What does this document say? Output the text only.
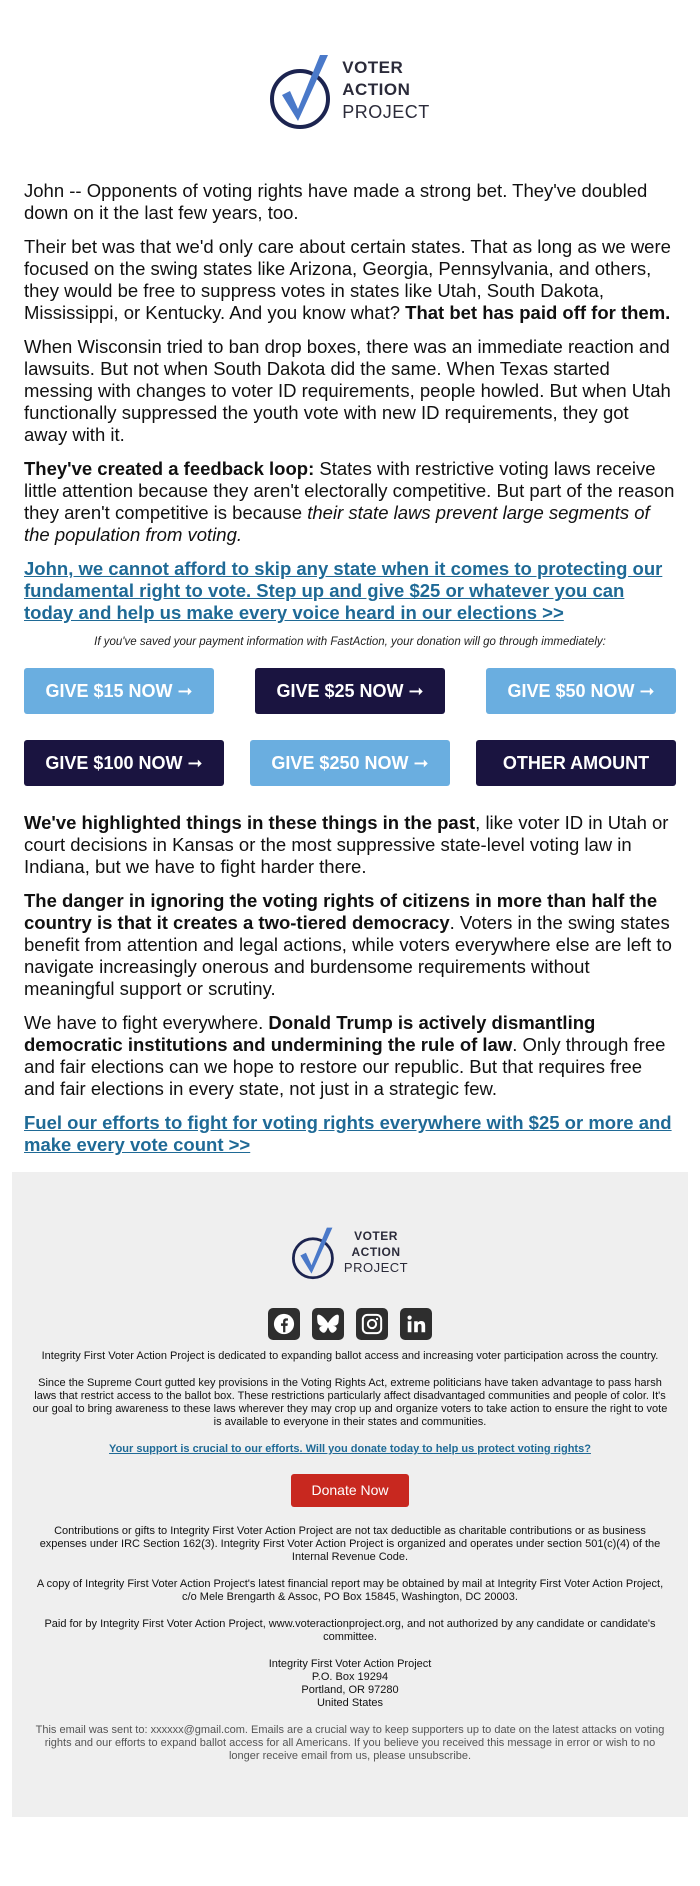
VOTER
ACTION
PROJECT

John -- Opponents of voting rights have made a strong bet. They've doubled down on it the last few years, too.

Their bet was that we'd only care about certain states. That as long as we were focused on the swing states like Arizona, Georgia, Pennsylvania, and others, they would be free to suppress votes in states like Utah, South Dakota, Mississippi, or Kentucky. And you know what? That bet has paid off for them.

When Wisconsin tried to ban drop boxes, there was an immediate reaction and lawsuits. But not when South Dakota did the same. When Texas started messing with changes to voter ID requirements, people howled. But when Utah functionally suppressed the youth vote with new ID requirements, they got away with it.

They've created a feedback loop: States with restrictive voting laws receive little attention because they aren't electorally competitive. But part of the reason they aren't competitive is because their state laws prevent large segments of the population from voting.

John, we cannot afford to skip any state when it comes to protecting our fundamental right to vote. Step up and give $25 or whatever you can today and help us make every voice heard in our elections >>

If you've saved your payment information with FastAction, your donation will go through immediately:
GIVE $15 NOW ➞	GIVE $25 NOW ➞	GIVE $50 NOW ➞
GIVE $100 NOW ➞	GIVE $250 NOW ➞	OTHER AMOUNT

We've highlighted things in these things in the past, like voter ID in Utah or court decisions in Kansas or the most suppressive state-level voting law in Indiana, but we have to fight harder there.

The danger in ignoring the voting rights of citizens in more than half the country is that it creates a two-tiered democracy. Voters in the swing states benefit from attention and legal actions, while voters everywhere else are left to navigate increasingly onerous and burdensome requirements without meaningful support or scrutiny.

We have to fight everywhere. Donald Trump is actively dismantling democratic institutions and undermining the rule of law. Only through free and fair elections can we hope to restore our republic. But that requires free and fair elections in every state, not just in a strategic few.

Fuel our efforts to fight for voting rights everywhere with $25 or more and make every vote count >>

VOTER
ACTION
PROJECT

Integrity First Voter Action Project is dedicated to expanding ballot access and increasing voter participation across the country.

Since the Supreme Court gutted key provisions in the Voting Rights Act, extreme politicians have taken advantage to pass harsh laws that restrict access to the ballot box. These restrictions particularly affect disadvantaged communities and people of color. It's our goal to bring awareness to these laws wherever they may crop up and organize voters to take action to ensure the right to vote is available to everyone in their states and communities.

Your support is crucial to our efforts. Will you donate today to help us protect voting rights?

Donate Now

Contributions or gifts to Integrity First Voter Action Project are not tax deductible as charitable contributions or as business expenses under IRC Section 162(3). Integrity First Voter Action Project is organized and operates under section 501(c)(4) of the Internal Revenue Code.

A copy of Integrity First Voter Action Project's latest financial report may be obtained by mail at Integrity First Voter Action Project, c/o Mele Brengarth & Assoc, PO Box 15845, Washington, DC 20003.

Paid for by Integrity First Voter Action Project, www.voteractionproject.org, and not authorized by any candidate or candidate's committee.

Integrity First Voter Action Project
P.O. Box 19294
Portland, OR 97280
United States

This email was sent to: xxxxxx@gmail.com. Emails are a crucial way to keep supporters up to date on the latest attacks on voting rights and our efforts to expand ballot access for all Americans. If you believe you received this message in error or wish to no longer receive email from us, please unsubscribe.
